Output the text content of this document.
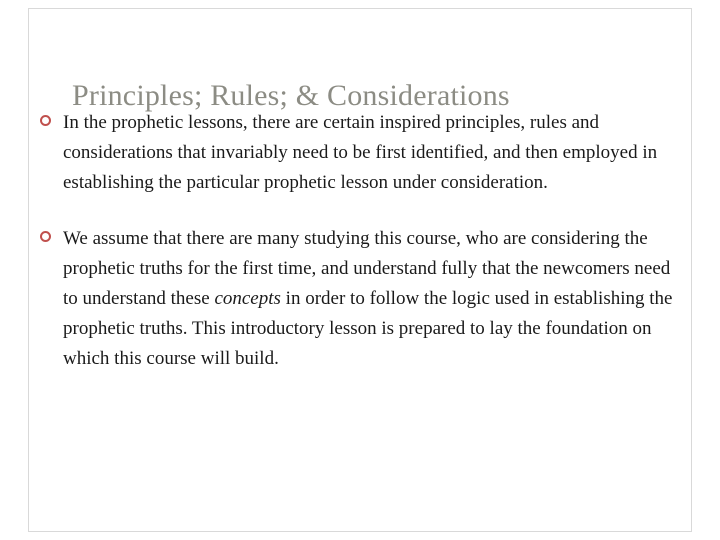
Principles; Rules; & Considerations
In the prophetic lessons, there are certain inspired principles, rules and considerations that invariably need to be first identified, and then employed in establishing the particular prophetic lesson under consideration.
We assume that there are many studying this course, who are considering the prophetic truths for the first time, and understand fully that the newcomers need to understand these concepts in order to follow the logic used in establishing the prophetic truths. This introductory lesson is prepared to lay the foundation on which this course will build.
